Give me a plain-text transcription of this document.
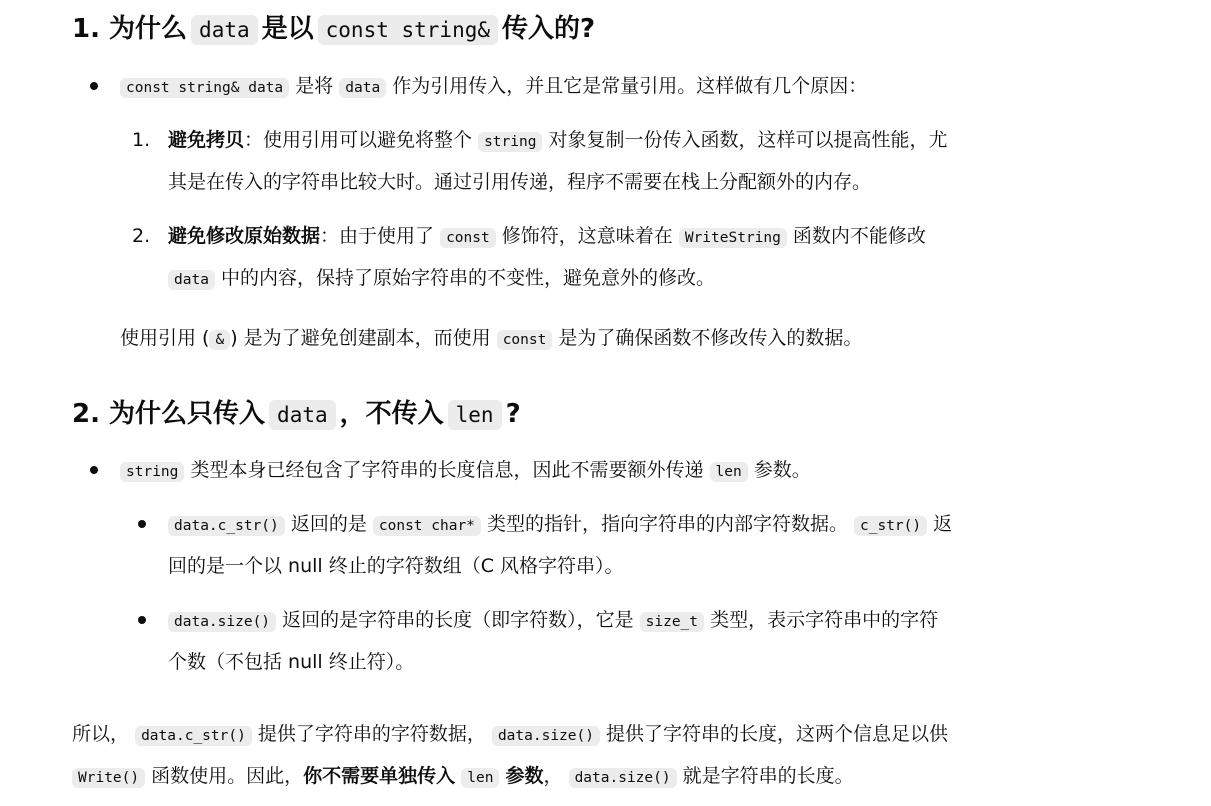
1. 为什么 data 是以 const string& 传入的?
const string& data 是将 data 作为引用传入，并且它是常量引用。这样做有几个原因：
1. 避免拷贝：使用引用可以避免将整个 string 对象复制一份传入函数，这样可以提高性能，尤
其是在传入的字符串比较大时。通过引用传递，程序不需要在栈上分配额外的内存。
2. 避免修改原始数据：由于使用了 const 修饰符，这意味着在 WriteString 函数内不能修改
data 中的内容，保持了原始字符串的不变性，避免意外的修改。
使用引用 ( & ) 是为了避免创建副本，而使用 const 是为了确保函数不修改传入的数据。
2. 为什么只传入 data ，不传入 len ?
string 类型本身已经包含了字符串的长度信息，因此不需要额外传递 len 参数。
data.c_str() 返回的是 const char* 类型的指针，指向字符串的内部字符数据。 c_str() 返
回的是一个以 null 终止的字符数组（C 风格字符串）。
data.size() 返回的是字符串的长度（即字符数），它是 size_t 类型，表示字符串中的字符
个数（不包括 null 终止符）。
所以， data.c_str() 提供了字符串的字符数据， data.size() 提供了字符串的长度，这两个信息足以供
Write() 函数使用。因此，你不需要单独传入 len 参数， data.size() 就是字符串的长度。
